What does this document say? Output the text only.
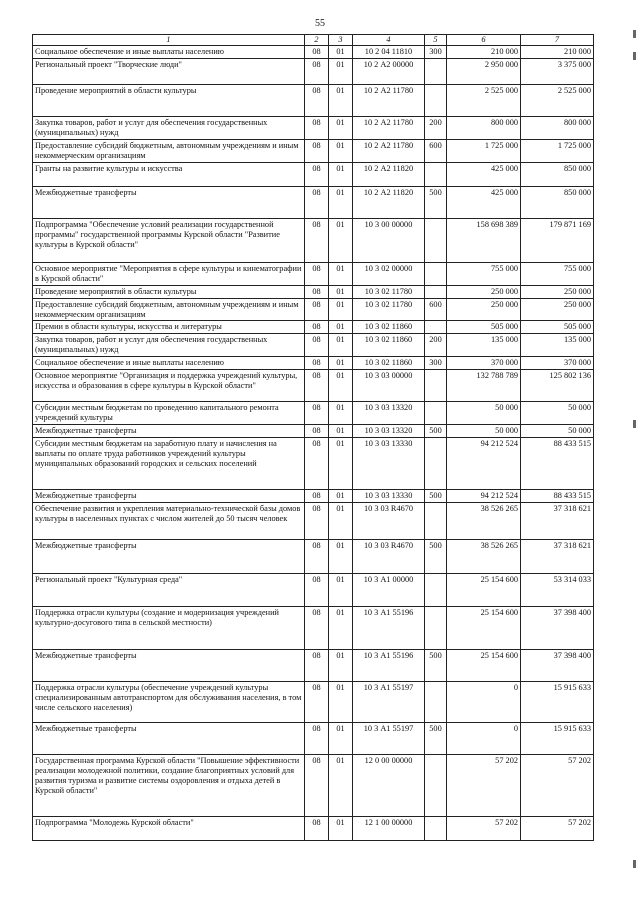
55
1	2	3	4	5	6	7
Социальное обеспечение и иные выплаты населению	08	01	10 2 04 11810	300	210 000	210 000
Региональный проект "Творческие люди"	08	01	10 2 А2 00000		2 950 000	3 375 000
Проведение мероприятий в области культуры	08	01	10 2 А2 11780		2 525 000	2 525 000
Закупка товаров, работ и услуг для обеспечения государственных (муниципальных) нужд	08	01	10 2 А2 11780	200	800 000	800 000
Предоставление субсидий бюджетным, автономным учреждениям и иным некоммерческим организациям	08	01	10 2 А2 11780	600	1 725 000	1 725 000
Гранты на развитие культуры и искусства	08	01	10 2 А2 11820		425 000	850 000
Межбюджетные трансферты	08	01	10 2 А2 11820	500	425 000	850 000
Подпрограмма "Обеспечение условий реализации государственной программы" государственной программы Курской области "Развитие культуры в Курской области"	08	01	10 3 00 00000		158 698 389	179 871 169
Основное мероприятие "Мероприятия в сфере культуры и кинематографии в Курской области"	08	01	10 3 02 00000		755 000	755 000
Проведение мероприятий в области культуры	08	01	10 3 02 11780		250 000	250 000
Предоставление субсидий бюджетным, автономным учреждениям и иным некоммерческим организациям	08	01	10 3 02 11780	600	250 000	250 000
Премии в области культуры, искусства и литературы	08	01	10 3 02 11860		505 000	505 000
Закупка товаров, работ и услуг для обеспечения государственных (муниципальных) нужд	08	01	10 3 02 11860	200	135 000	135 000
Социальное обеспечение и иные выплаты населению	08	01	10 3 02 11860	300	370 000	370 000
Основное мероприятие "Организация и поддержка учреждений культуры, искусства и образования в сфере культуры в Курской области"	08	01	10 3 03 00000		132 788 789	125 802 136
Субсидии местным бюджетам по проведению капитального ремонта учреждений культуры	08	01	10 3 03 13320		50 000	50 000
Межбюджетные трансферты	08	01	10 3 03 13320	500	50 000	50 000
Субсидии местным бюджетам на заработную плату и начисления на выплаты по оплате труда работников учреждений культуры муниципальных образований городских и сельских поселений	08	01	10 3 03 13330		94 212 524	88 433 515
Межбюджетные трансферты	08	01	10 3 03 13330	500	94 212 524	88 433 515
Обеспечение развития и укрепления материально-технической базы домов культуры в населенных пунктах с числом жителей до 50 тысяч человек	08	01	10 3 03 R4670		38 526 265	37 318 621
Межбюджетные трансферты	08	01	10 3 03 R4670	500	38 526 265	37 318 621
Региональный проект "Культурная среда"	08	01	10 3 А1 00000		25 154 600	53 314 033
Поддержка отрасли культуры (создание и модернизация учреждений культурно-досугового типа в сельской местности)	08	01	10 3 А1 55196		25 154 600	37 398 400
Межбюджетные трансферты	08	01	10 3 А1 55196	500	25 154 600	37 398 400
Поддержка отрасли культуры (обеспечение учреждений культуры специализированным автотранспортом для обслуживания населения, в том числе сельского населения)	08	01	10 3 А1 55197		0	15 915 633
Межбюджетные трансферты	08	01	10 3 А1 55197	500	0	15 915 633
Государственная программа Курской области "Повышение эффективности реализации молодежной политики, создание благоприятных условий для развития туризма и развитие системы оздоровления и отдыха детей в Курской области"	08	01	12 0 00 00000		57 202	57 202
Подпрограмма "Молодежь Курской области"	08	01	12 1 00 00000		57 202	57 202
